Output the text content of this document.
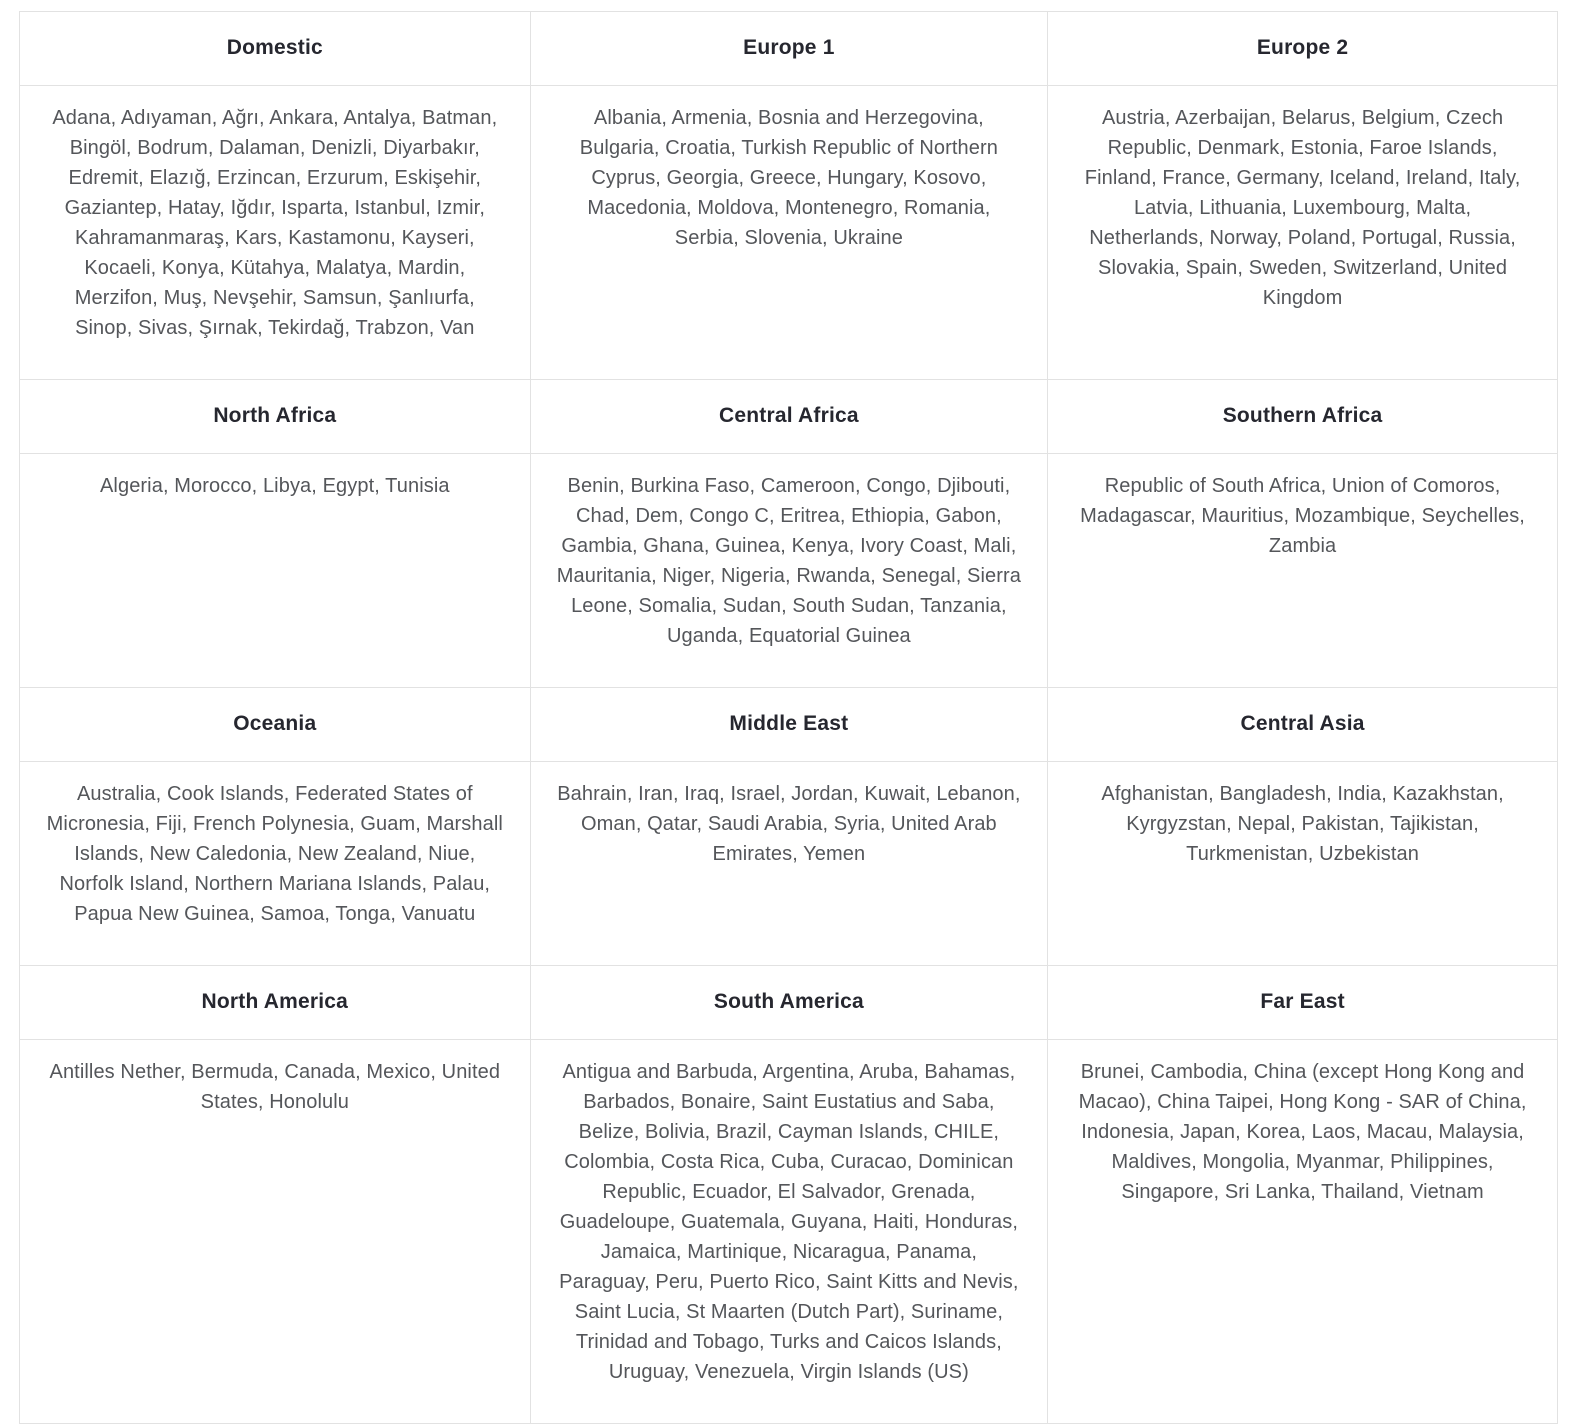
Domestic	Europe 1	Europe 2
Adana, Adıyaman, Ağrı, Ankara, Antalya, Batman, Bingöl, Bodrum, Dalaman, Denizli, Diyarbakır, Edremit, Elazığ, Erzincan, Erzurum, Eskişehir, Gaziantep, Hatay, Iğdır, Isparta, Istanbul, Izmir, Kahramanmaraş, Kars, Kastamonu, Kayseri, Kocaeli, Konya, Kütahya, Malatya, Mardin, Merzifon, Muş, Nevşehir, Samsun, Şanlıurfa, Sinop, Sivas, Şırnak, Tekirdağ, Trabzon, Van	Albania, Armenia, Bosnia and Herzegovina, Bulgaria, Croatia, Turkish Republic of Northern Cyprus, Georgia, Greece, Hungary, Kosovo, Macedonia, Moldova, Montenegro, Romania, Serbia, Slovenia, Ukraine	Austria, Azerbaijan, Belarus, Belgium, Czech Republic, Denmark, Estonia, Faroe Islands, Finland, France, Germany, Iceland, Ireland, Italy, Latvia, Lithuania, Luxembourg, Malta, Netherlands, Norway, Poland, Portugal, Russia, Slovakia, Spain, Sweden, Switzerland, United Kingdom
North Africa	Central Africa	Southern Africa
Algeria, Morocco, Libya, Egypt, Tunisia	Benin, Burkina Faso, Cameroon, Congo, Djibouti, Chad, Dem, Congo C, Eritrea, Ethiopia, Gabon, Gambia, Ghana, Guinea, Kenya, Ivory Coast, Mali, Mauritania, Niger, Nigeria, Rwanda, Senegal, Sierra Leone, Somalia, Sudan, South Sudan, Tanzania, Uganda, Equatorial Guinea	Republic of South Africa, Union of Comoros, Madagascar, Mauritius, Mozambique, Seychelles, Zambia
Oceania	Middle East	Central Asia
Australia, Cook Islands, Federated States of Micronesia, Fiji, French Polynesia, Guam, Marshall Islands, New Caledonia, New Zealand, Niue, Norfolk Island, Northern Mariana Islands, Palau, Papua New Guinea, Samoa, Tonga, Vanuatu	Bahrain, Iran, Iraq, Israel, Jordan, Kuwait, Lebanon, Oman, Qatar, Saudi Arabia, Syria, United Arab Emirates, Yemen	Afghanistan, Bangladesh, India, Kazakhstan, Kyrgyzstan, Nepal, Pakistan, Tajikistan, Turkmenistan, Uzbekistan
North America	South America	Far East
Antilles Nether, Bermuda, Canada, Mexico, United States, Honolulu	Antigua and Barbuda, Argentina, Aruba, Bahamas, Barbados, Bonaire, Saint Eustatius and Saba, Belize, Bolivia, Brazil, Cayman Islands, CHILE, Colombia, Costa Rica, Cuba, Curacao, Dominican Republic, Ecuador, El Salvador, Grenada, Guadeloupe, Guatemala, Guyana, Haiti, Honduras, Jamaica, Martinique, Nicaragua, Panama, Paraguay, Peru, Puerto Rico, Saint Kitts and Nevis, Saint Lucia, St Maarten (Dutch Part), Suriname, Trinidad and Tobago, Turks and Caicos Islands, Uruguay, Venezuela, Virgin Islands (US)	Brunei, Cambodia, China (except Hong Kong and Macao), China Taipei, Hong Kong - SAR of China, Indonesia, Japan, Korea, Laos, Macau, Malaysia, Maldives, Mongolia, Myanmar, Philippines, Singapore, Sri Lanka, Thailand, Vietnam
